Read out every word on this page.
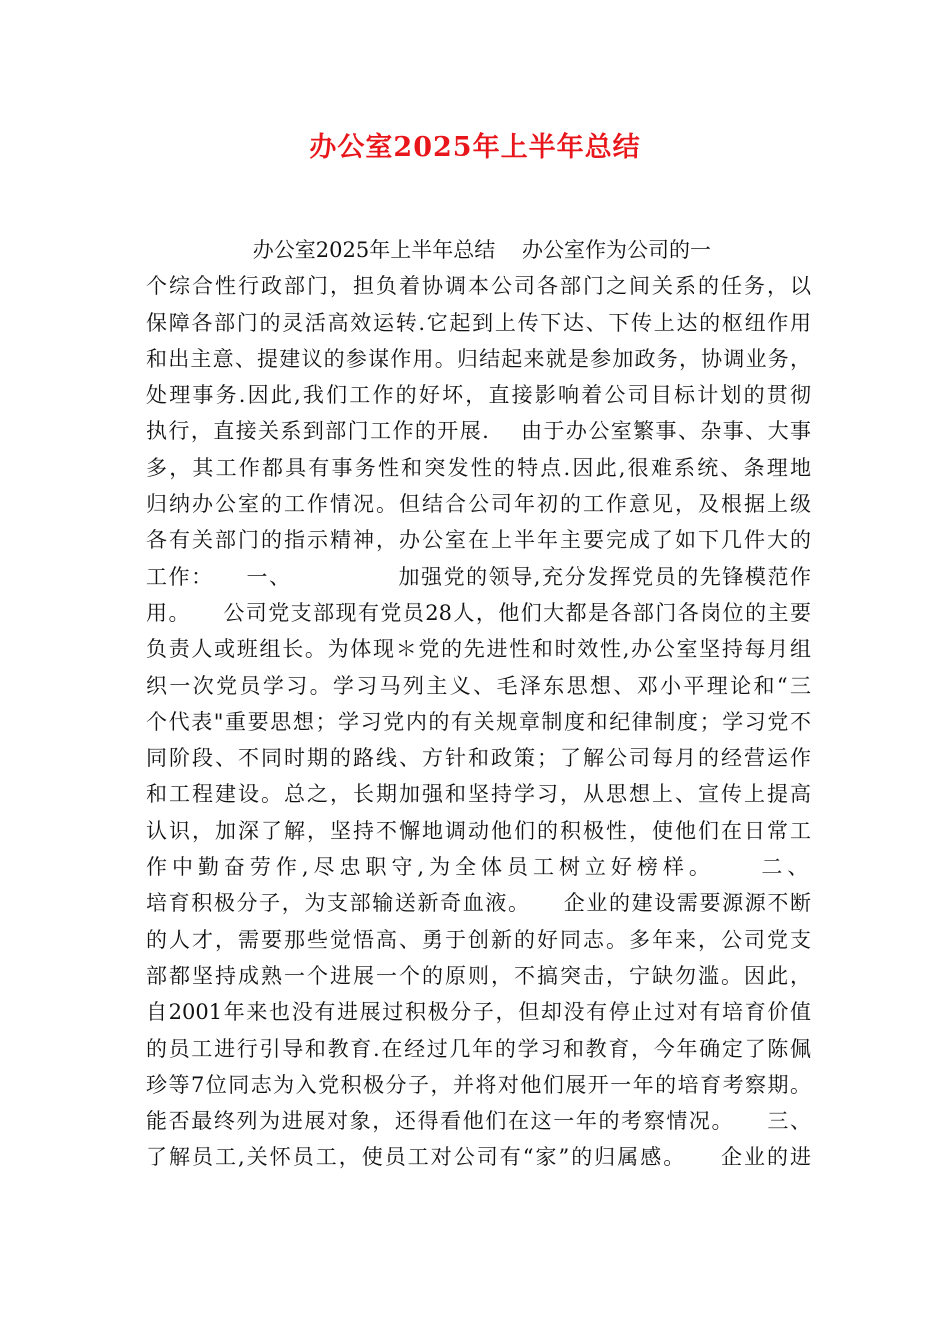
办公室2025年上半年总结
办公室2025年上半年总结    办公室作为公司的一
个综合性行政部门，担负着协调本公司各部门之间关系的任务，以
保障各部门的灵活高效运转.它起到上传下达、下传上达的枢纽作用
和出主意、提建议的参谋作用。归结起来就是参加政务，协调业务，
处理事务.因此,我们工作的好坏，直接影响着公司目标计划的贯彻
执行，直接关系到部门工作的开展.    由于办公室繁事、杂事、大事
多，其工作都具有事务性和突发性的特点.因此,很难系统、条理地
归纳办公室的工作情况。但结合公司年初的工作意见，及根据上级
各有关部门的指示精神，办公室在上半年主要完成了如下几件大的
工作：    一、             加强党的领导,充分发挥党员的先锋模范作
用。    公司党支部现有党员28人，他们大都是各部门各岗位的主要
负责人或班组长。为体现＊党的先进性和时效性,办公室坚持每月组
织一次党员学习。学习马列主义、毛泽东思想、邓小平理论和“三
个代表"重要思想；学习党内的有关规章制度和纪律制度；学习党不
同阶段、不同时期的路线、方针和政策；了解公司每月的经营运作
和工程建设。总之，长期加强和坚持学习，从思想上、宣传上提高
认识，加深了解，坚持不懈地调动他们的积极性，使他们在日常工
作中勤奋劳作,尽忠职守,为全体员工树立好榜样。    二、
培育积极分子，为支部输送新奇血液。    企业的建设需要源源不断
的人才，需要那些觉悟高、勇于创新的好同志。多年来，公司党支
部都坚持成熟一个进展一个的原则，不搞突击，宁缺勿滥。因此，
自2001年来也没有进展过积极分子，但却没有停止过对有培育价值
的员工进行引导和教育.在经过几年的学习和教育，今年确定了陈佩
珍等7位同志为入党积极分子，并将对他们展开一年的培育考察期。
能否最终列为进展对象，还得看他们在这一年的考察情况。    三、
了解员工,关怀员工，使员工对公司有“家”的归属感。    企业的进
